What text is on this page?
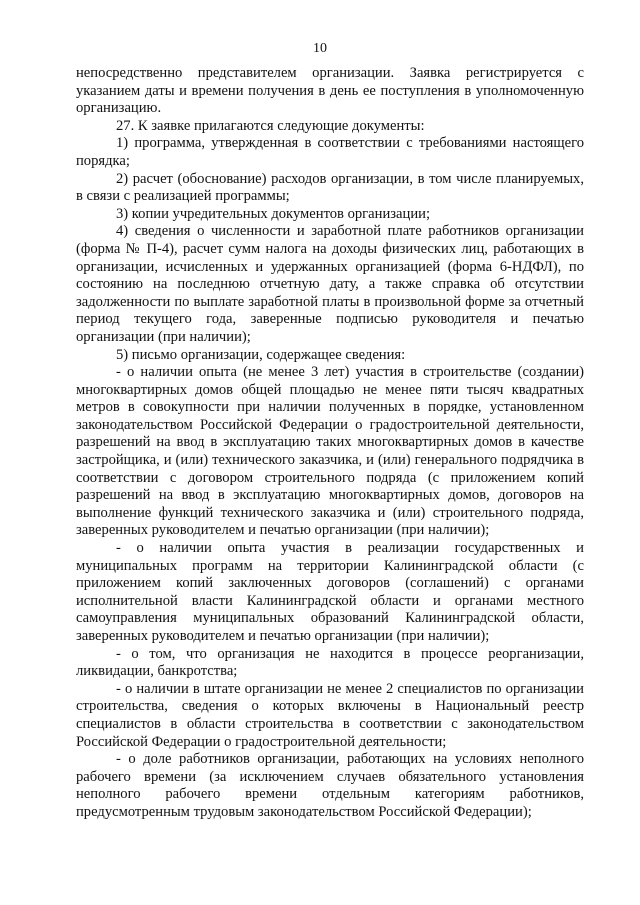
10

непосредственно представителем организации. Заявка регистрируется с указанием даты и времени получения в день ее поступления в уполномоченную организацию.

27. К заявке прилагаются следующие документы:

1) программа, утвержденная в соответствии с требованиями настоящего порядка;

2) расчет (обоснование) расходов организации, в том числе планируемых, в связи с реализацией программы;

3) копии учредительных документов организации;

4) сведения о численности и заработной плате работников организации (форма № П-4), расчет сумм налога на доходы физических лиц, работающих в организации, исчисленных и удержанных организацией (форма 6-НДФЛ), по состоянию на последнюю отчетную дату, а также справка об отсутствии задолженности по выплате заработной платы в произвольной форме за отчетный период текущего года, заверенные подписью руководителя и печатью организации (при наличии);

5) письмо организации, содержащее сведения:

- о наличии опыта (не менее 3 лет) участия в строительстве (создании) многоквартирных домов общей площадью не менее пяти тысяч квадратных метров в совокупности при наличии полученных в порядке, установленном законодательством Российской Федерации о градостроительной деятельности, разрешений на ввод в эксплуатацию таких многоквартирных домов в качестве застройщика, и (или) технического заказчика, и (или) генерального подрядчика в соответствии с договором строительного подряда (с приложением копий разрешений на ввод в эксплуатацию многоквартирных домов, договоров на выполнение функций технического заказчика и (или) строительного подряда, заверенных руководителем и печатью организации (при наличии);

- о наличии опыта участия в реализации государственных и муниципальных программ на территории Калининградской области (с приложением копий заключенных договоров (соглашений) с органами исполнительной власти Калининградской области и органами местного самоуправления муниципальных образований Калининградской области, заверенных руководителем и печатью организации (при наличии);

- о том, что организация не находится в процессе реорганизации, ликвидации, банкротства;

- о наличии в штате организации не менее 2 специалистов по организации строительства, сведения о которых включены в Национальный реестр специалистов в области строительства в соответствии с законодательством Российской Федерации о градостроительной деятельности;

- о доле работников организации, работающих на условиях неполного рабочего времени (за исключением случаев обязательного установления неполного рабочего времени отдельным категориям работников, предусмотренным трудовым законодательством Российской Федерации);
